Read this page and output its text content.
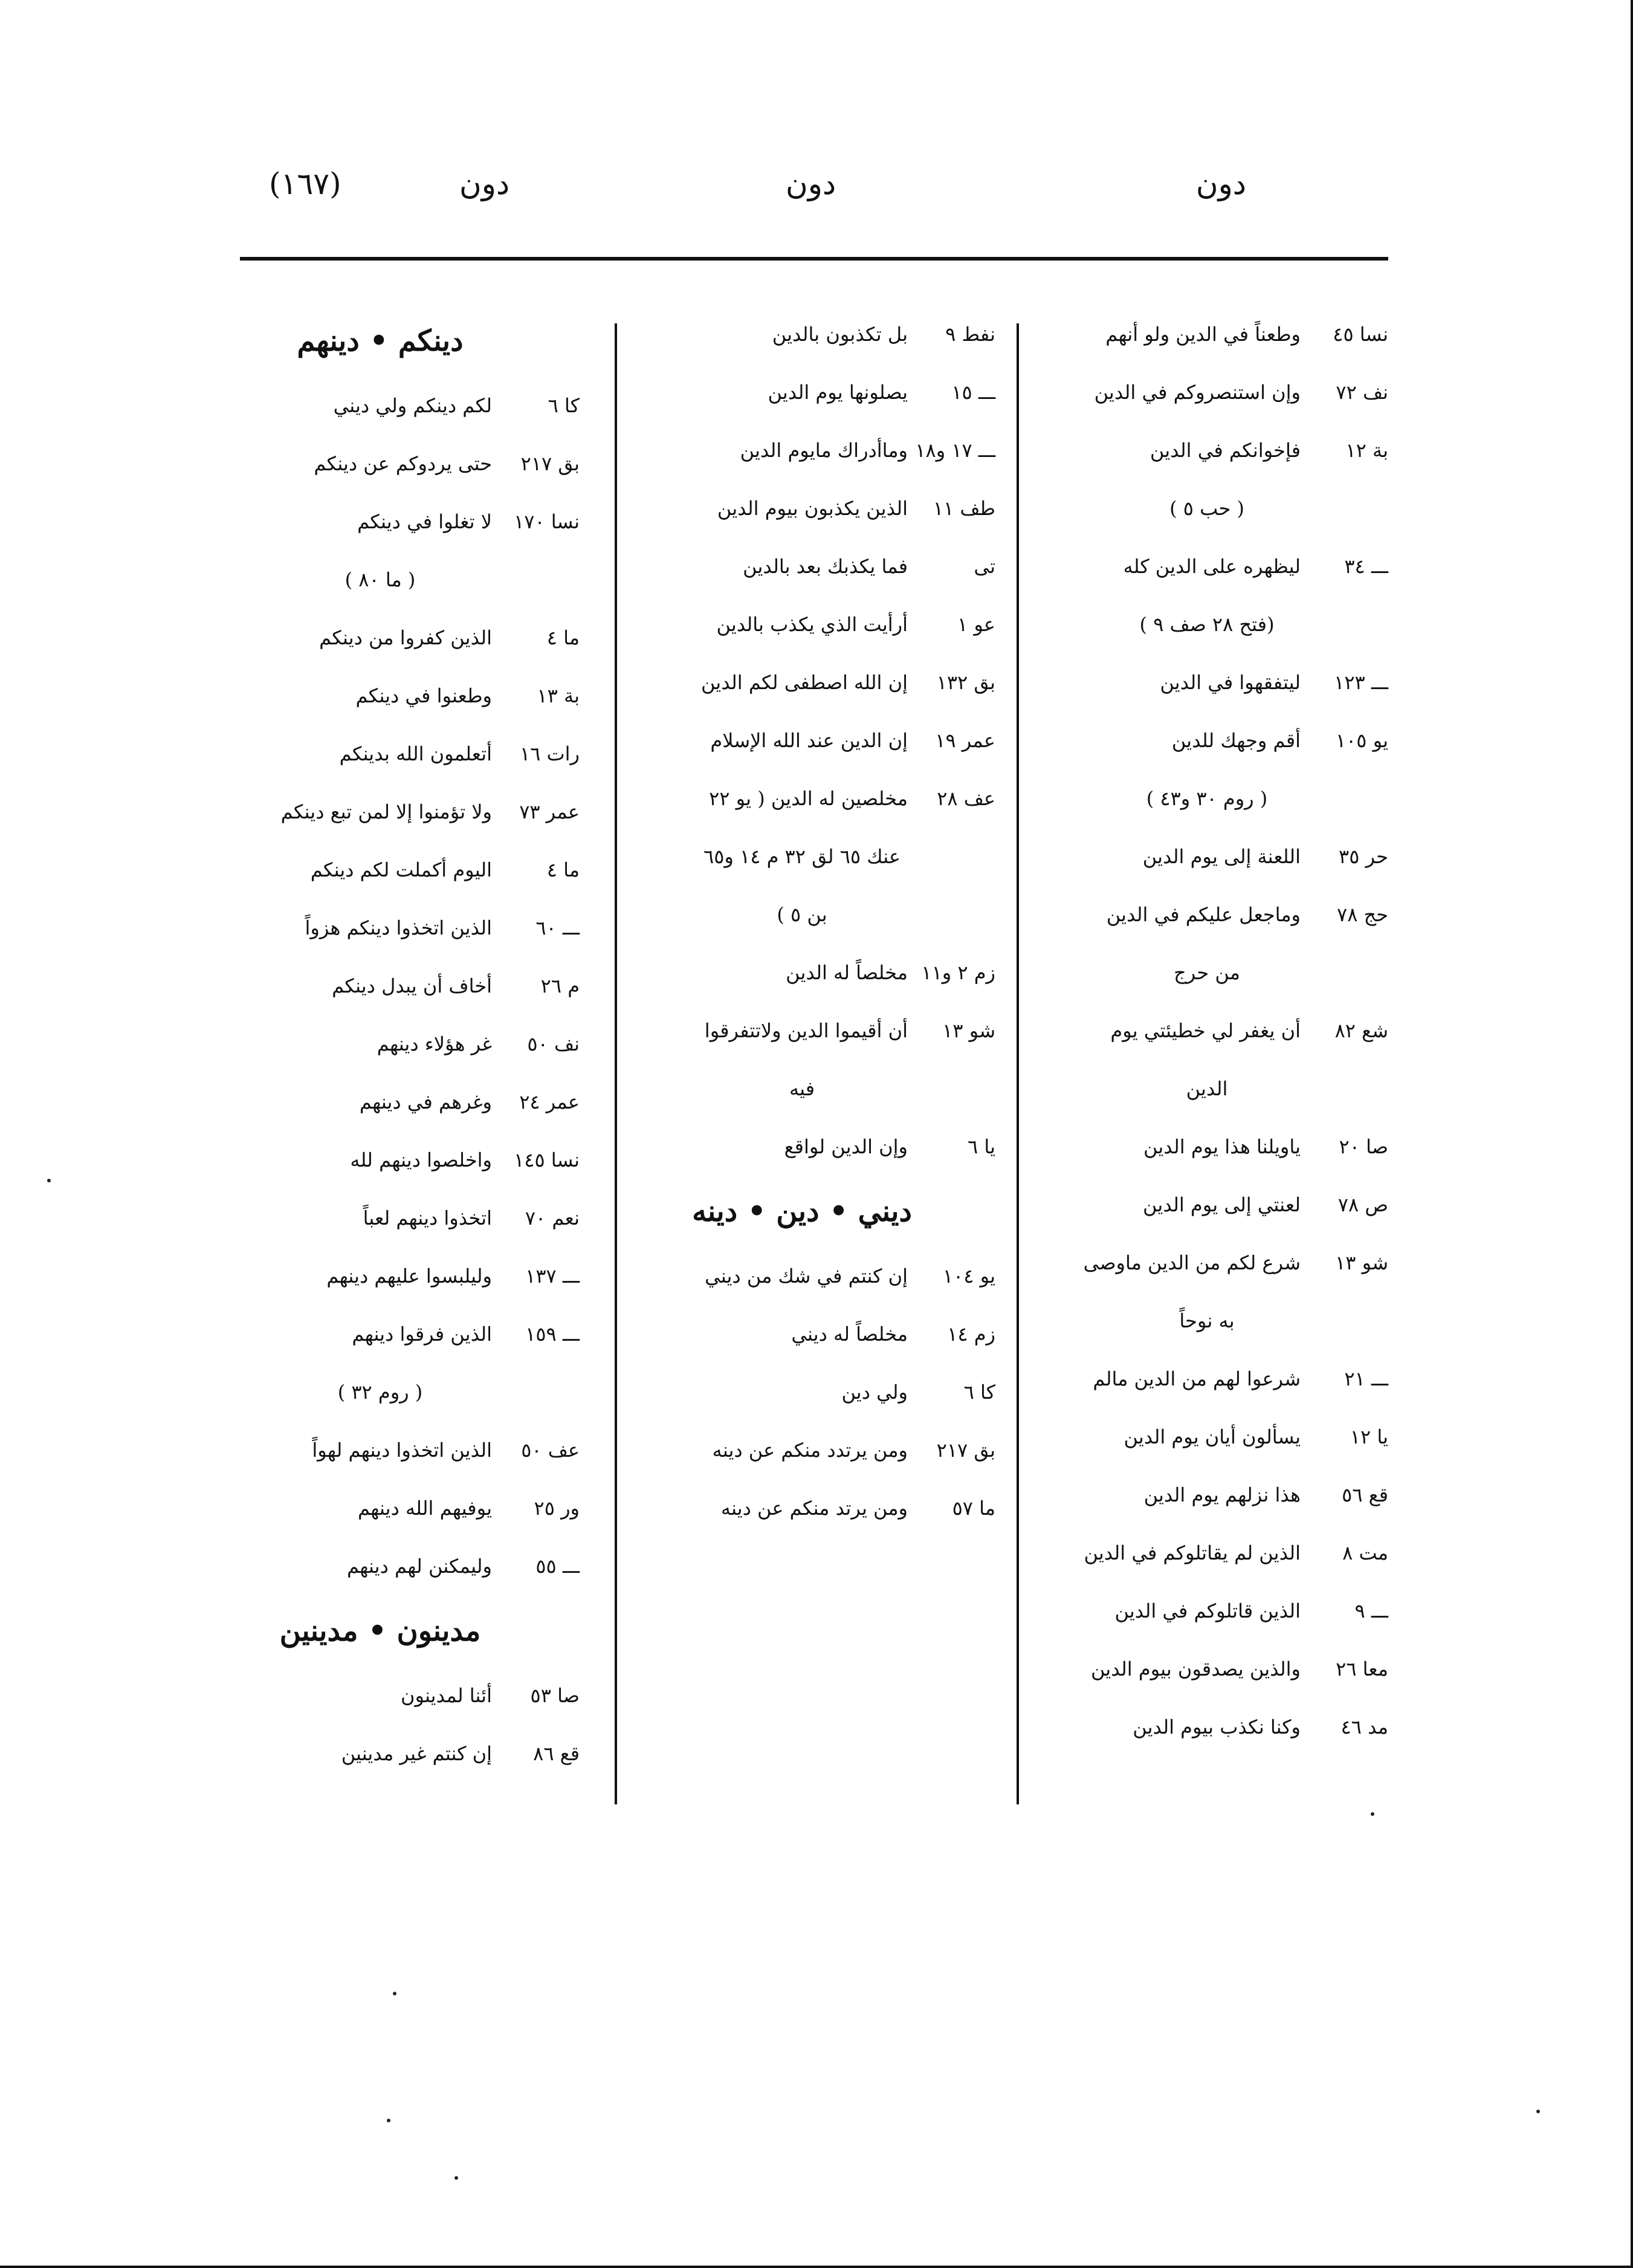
دون
دون
دون
(١٦٧)
نسا ٤٥وطعناً في الدين ولو أنهم
نف ٧٢وإن استنصروكم في الدين
بة ١٢فإخوانكم في الدين
( حب ٥ )
ـــ ٣٤ليظهره على الدين كله
(فتح ٢٨ صف ٩ )
ـــ ١٢٣ليتفقهوا في الدين
يو ١٠٥أقم وجهك للدين
( روم ٣٠ و٤٣ )
حر ٣٥اللعنة إلى يوم الدين
حج ٧٨وماجعل عليكم في الدين
من حرج
شع ٨٢أن يغفر لي خطيئتي يوم
الدين
صا ٢٠ياويلنا هذا يوم الدين
ص ٧٨لعنتي إلى يوم الدين
شو ١٣شرع لكم من الدين ماوصى
به نوحاً
ـــ ٢١شرعوا لهم من الدين مالم
يا ١٢يسألون أيان يوم الدين
قع ٥٦هذا نزلهم يوم الدين
مت ٨الذين لم يقاتلوكم في الدين
ـــ ٩الذين قاتلوكم في الدين
معا ٢٦والذين يصدقون بيوم الدين
مد ٤٦وكنا نكذب بيوم الدين
نفط ٩بل تكذبون بالدين
ـــ ١٥يصلونها يوم الدين
ـــ ١٧ و١٨وماأدراك مايوم الدين
طف ١١الذين يكذبون بيوم الدين
تىفما يكذبك بعد بالدين
عو ١أرأيت الذي يكذب بالدين
بق ١٣٢إن الله اصطفى لكم الدين
عمر ١٩إن الدين عند الله الإسلام
عف ٢٨مخلصين له الدين ( يو ٢٢
عنك ٦٥ لق ٣٢ م ١٤ و٦٥
بن ٥ )
زم ٢ و١١مخلصاً له الدين
شو ١٣أن أقيموا الدين ولاتتفرقوا
فيه
يا ٦وإن الدين لواقع
ديني • دين • دينه
يو ١٠٤إن كنتم في شك من ديني
زم ١٤مخلصاً له ديني
كا ٦ولي دين
بق ٢١٧ومن يرتدد منكم عن دينه
ما ٥٧ومن يرتد منكم عن دينه
دينكم • دينهم
كا ٦لكم دينكم ولي ديني
بق ٢١٧حتى يردوكم عن دينكم
نسا ١٧٠لا تغلوا في دينكم
( ما ٨٠ )
ما ٤الذين كفروا من دينكم
بة ١٣وطعنوا في دينكم
رات ١٦أتعلمون الله بدينكم
عمر ٧٣ولا تؤمنوا إلا لمن تبع دينكم
ما ٤اليوم أكملت لكم دينكم
ـــ ٦٠الذين اتخذوا دينكم هزواً
م ٢٦أخاف أن يبدل دينكم
نف ٥٠غر هؤلاء دينهم
عمر ٢٤وغرهم في دينهم
نسا ١٤٥واخلصوا دينهم لله
نعم ٧٠اتخذوا دينهم لعباً
ـــ ١٣٧وليلبسوا عليهم دينهم
ـــ ١٥٩الذين فرقوا دينهم
( روم ٣٢ )
عف ٥٠الذين اتخذوا دينهم لهواً
ور ٢٥يوفيهم الله دينهم
ـــ ٥٥وليمكنن لهم دينهم
مدينون • مدينين
صا ٥٣أئنا لمدينون
قع ٨٦إن كنتم غير مدينين
